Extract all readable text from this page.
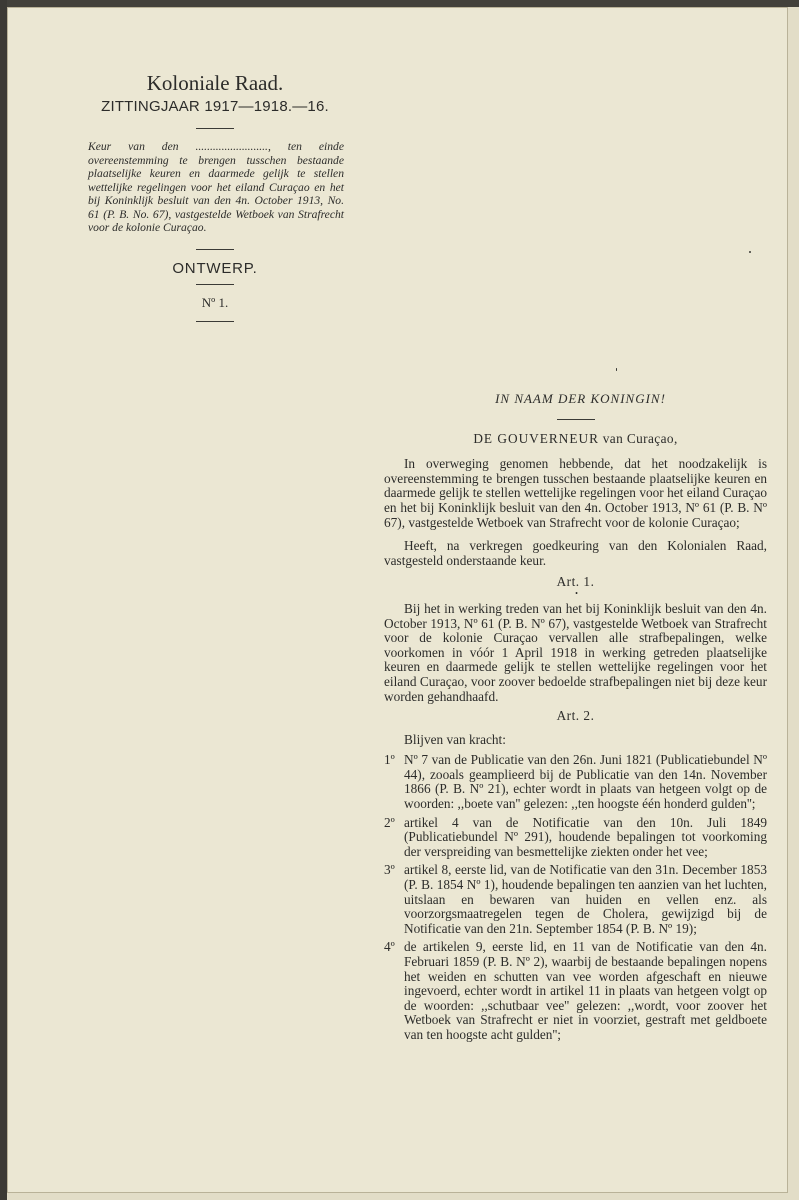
Koloniale Raad.
ZITTINGJAAR 1917—1918.—16.
Keur van den ........................., ten einde overeenstemming te brengen tusschen bestaande plaatselijke keuren en daarmede gelijk te stellen wettelijke regelingen voor het eiland Curaçao en het bij Koninklijk besluit van den 4n. October 1913, No. 61 (P. B. No. 67), vastgestelde Wetboek van Strafrecht voor de kolonie Curaçao.
ONTWERP.
Nº 1.
IN NAAM DER KONINGIN!
DE GOUVERNEUR van Curaçao,

In overweging genomen hebbende, dat het noodzakelijk is overeenstemming te brengen tusschen bestaande plaatselijke keuren en daarmede gelijk te stellen wettelijke regelingen voor het eiland Curaçao en het bij Koninklijk besluit van den 4n. October 1913, Nº 61 (P. B. Nº 67), vastgestelde Wetboek van Strafrecht voor de kolonie Curaçao;

Heeft, na verkregen goedkeuring van den Kolonialen Raad, vastgesteld onderstaande keur.

Art. 1.
•

Bij het in werking treden van het bij Koninklijk besluit van den 4n. October 1913, Nº 61 (P. B. Nº 67), vastgestelde Wetboek van Strafrecht voor de kolonie Curaçao vervallen alle strafbepalingen, welke voorkomen in vóór 1 April 1918 in werking getreden plaatselijke keuren en daarmede gelijk te stellen wettelijke regelingen voor het eiland Curaçao, voor zoover bedoelde strafbepalingen niet bij deze keur worden gehandhaafd.

Art. 2.
Blijven van kracht:
1º Nº 7 van de Publicatie van den 26n. Juni 1821 (Publicatiebundel Nº 44), zooals geamplieerd bij de Publicatie van den 14n. November 1866 (P. B. Nº 21), echter wordt in plaats van hetgeen volgt op de woorden: ,,boete van'' gelezen: ,,ten hoogste één honderd gulden'';
2º artikel 4 van de Notificatie van den 10n. Juli 1849 (Publicatiebundel Nº 291), houdende bepalingen tot voorkoming der verspreiding van besmettelijke ziekten onder het vee;
3º artikel 8, eerste lid, van de Notificatie van den 31n. December 1853 (P. B. 1854 Nº 1), houdende bepalingen ten aanzien van het luchten, uitslaan en bewaren van huiden en vellen enz. als voorzorgsmaatregelen tegen de Cholera, gewijzigd bij de Notificatie van den 21n. September 1854 (P. B. Nº 19);
4º de artikelen 9, eerste lid, en 11 van de Notificatie van den 4n. Februari 1859 (P. B. Nº 2), waarbij de bestaande bepalingen nopens het weiden en schutten van vee worden afgeschaft en nieuwe ingevoerd, echter wordt in artikel 11 in plaats van hetgeen volgt op de woorden: ,,schutbaar vee'' gelezen: ,,wordt, voor zoover het Wetboek van Strafrecht er niet in voorziet, gestraft met geldboete van ten hoogste acht gulden'';
